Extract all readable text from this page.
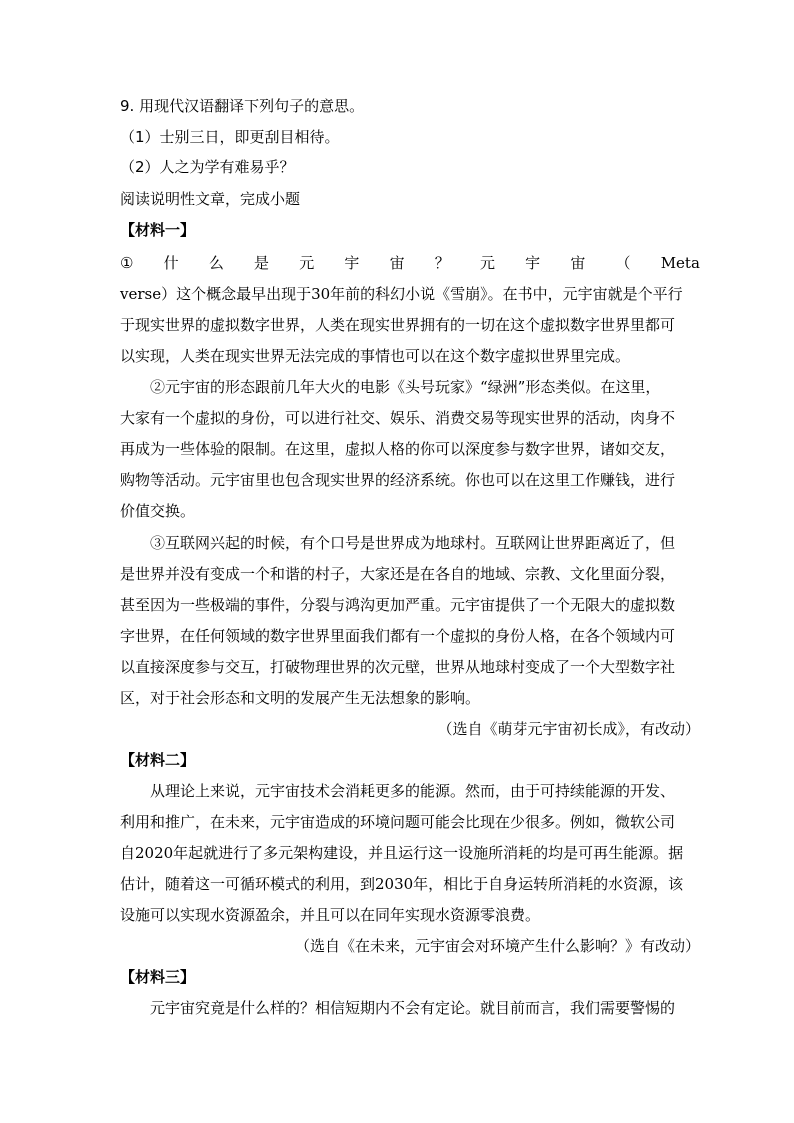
9. 用现代汉语翻译下列句子的意思。
（1）士别三日，即更刮目相待。
（2）人之为学有难易乎？
阅读说明性文章，完成小题
【材料一】
① 什 么 是 元 宇 宙 ？ 元 宇 宙 （ Meta
verse）这个概念最早出现于30年前的科幻小说《雪崩》。在书中，元宇宙就是个平行
于现实世界的虚拟数字世界，人类在现实世界拥有的一切在这个虚拟数字世界里都可
以实现，人类在现实世界无法完成的事情也可以在这个数字虚拟世界里完成。
②元宇宙的形态跟前几年大火的电影《头号玩家》“绿洲”形态类似。在这里，
大家有一个虚拟的身份，可以进行社交、娱乐、消费交易等现实世界的活动，肉身不
再成为一些体验的限制。在这里，虚拟人格的你可以深度参与数字世界，诸如交友，
购物等活动。元宇宙里也包含现实世界的经济系统。你也可以在这里工作赚钱，进行
价值交换。
③互联网兴起的时候，有个口号是世界成为地球村。互联网让世界距离近了，但
是世界并没有变成一个和谐的村子，大家还是在各自的地域、宗教、文化里面分裂，
甚至因为一些极端的事件，分裂与鸿沟更加严重。元宇宙提供了一个无限大的虚拟数
字世界，在任何领域的数字世界里面我们都有一个虚拟的身份人格，在各个领域内可
以直接深度参与交互，打破物理世界的次元壁，世界从地球村变成了一个大型数字社
区，对于社会形态和文明的发展产生无法想象的影响。
（选自《萌芽元宇宙初长成》，有改动）
【材料二】
从理论上来说，元宇宙技术会消耗更多的能源。然而，由于可持续能源的开发、
利用和推广，在未来，元宇宙造成的环境问题可能会比现在少很多。例如，微软公司
自2020年起就进行了多元架构建设，并且运行这一设施所消耗的均是可再生能源。据
估计，随着这一可循环模式的利用，到2030年，相比于自身运转所消耗的水资源，该
设施可以实现水资源盈余，并且可以在同年实现水资源零浪费。
（选自《在未来，元宇宙会对环境产生什么影响？》有改动）
【材料三】
元宇宙究竟是什么样的？相信短期内不会有定论。就目前而言，我们需要警惕的
